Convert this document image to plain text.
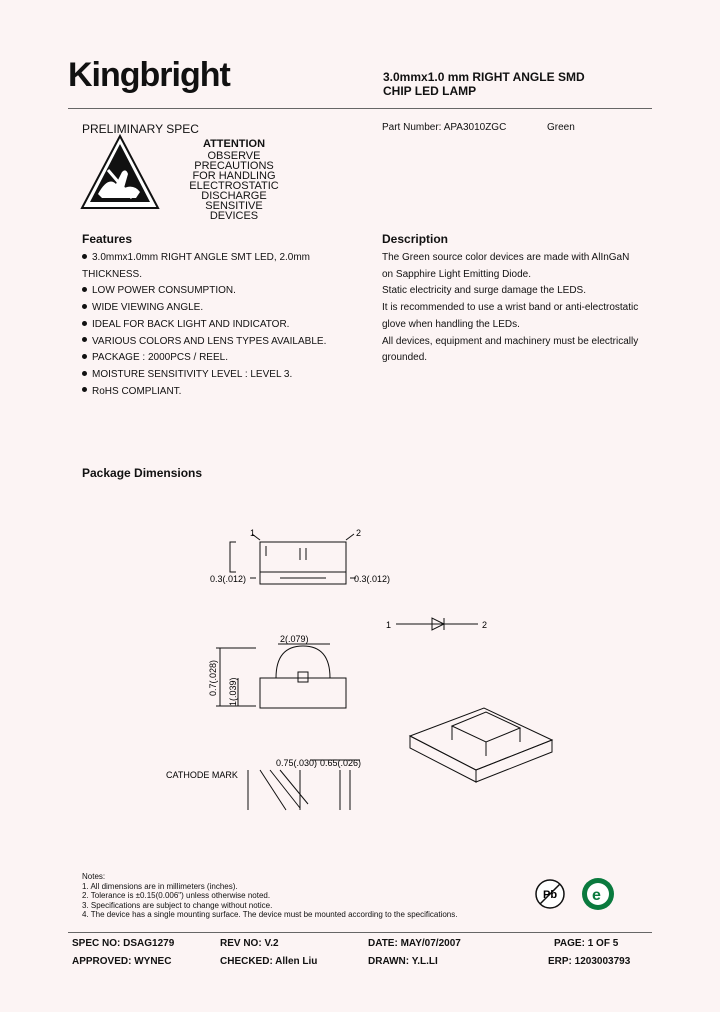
Kingbright	3.0mmx1.0 mm RIGHT ANGLE SMD
CHIP LED LAMP
PRELIMINARY SPEC	Part Number: APA3010ZGC	Green
ATTENTION
OBSERVE PRECAUTIONS
FOR HANDLING
ELECTROSTATIC
DISCHARGE
SENSITIVE
DEVICES
Features
3.0mmx1.0mm RIGHT ANGLE SMT LED, 2.0mm
THICKNESS.
LOW POWER CONSUMPTION.
WIDE VIEWING ANGLE.
IDEAL FOR BACK LIGHT AND INDICATOR.
VARIOUS COLORS AND LENS TYPES AVAILABLE.
PACKAGE : 2000PCS / REEL.
MOISTURE SENSITIVITY LEVEL : LEVEL 3.
RoHS COMPLIANT.
Description
The Green source color devices are made with AlInGaN
on Sapphire Light Emitting Diode.
Static electricity and surge damage the LEDS.
It is recommended to use a wrist band or anti-electrostatic
glove when handling the LEDs.
All devices, equipment and machinery must be electrically
grounded.
Package Dimensions
0.3(.012)	0.3(.012)
2(.079)
2
1
0.7(.028) 1(.039)
0.75(.030) 0.65(.026)
CATHODE MARK
1	2
Notes:
1. All dimensions are in millimeters (inches).
2. Tolerance is ±0.15(0.006") unless otherwise noted.
3. Specifications are subject to change without notice.
4. The device has a single mounting surface. The device must be mounted according to the specifications.
Pb e
SPEC NO: DSAG1279	REV NO: V.2	DATE: MAY/07/2007	PAGE: 1 OF 5
APPROVED: WYNEC	CHECKED: Allen Liu	DRAWN: Y.L.LI	ERP: 1203003793
